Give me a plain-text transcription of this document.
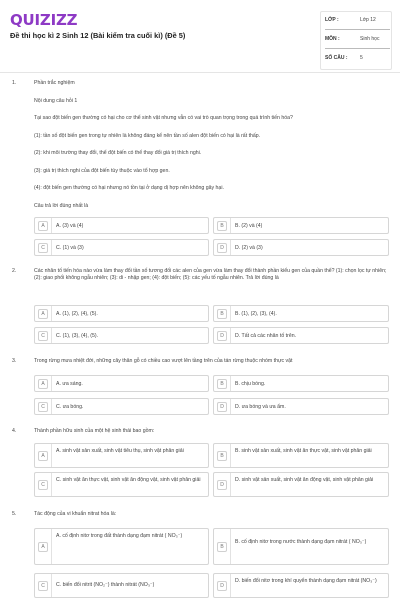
QUIZIZZ
Đề thi học kì 2 Sinh 12 (Bài kiểm tra cuối kì) (Đề 5)
LỚP :	Lớp 12
MÔN :	Sinh học
SỐ CÂU :	5
1.	Phần trắc nghiệm
Nội dung câu hỏi 1
Tại sao đột biến gen thường có hại cho cơ thể sinh vật nhưng vẫn có vai trò quan trọng trong quá trình tiến hóa?
(1): tần số đột biến gen trong tự nhiên là không đáng kể nên tần số alen đột biến có hại là rất thấp.
(2): khi môi trường thay đổi, thể đột biến có thể thay đổi giá trị thích nghi.
(3): giá trị thích nghi của đột biến tùy thuộc vào tổ hợp gen.
(4): đột biến gen thường có hại nhưng nó tồn tại ở dạng dị hợp nên không gây hại.
Câu trả lời đúng nhất là
A	A. (3) và (4)	B	B. (2) và (4)
C	C. (1) và (3)	D	D. (2) và (3)
2.	Các nhân tố tiến hóa nào vừa làm thay đổi tần số tương đối các alen của gen vừa làm thay đổi thành phần kiểu gen của quần thể? (1): chọn lọc tự nhiên; (2): giao phối không ngẫu nhiên; (3): di - nhập gen; (4): đột biến; (5): các yếu tố ngẫu nhiên. Trả lời đúng là
A	A. (1), (2), (4), (5).	B	B. (1), (2), (3), (4).
C	C. (1), (3), (4), (5).	D	D. Tất cả các nhân tố trên.
3.	Trong rừng mưa nhiệt đới, những cây thân gỗ có chiều cao vượt lên tầng trên của tán rừng thuộc nhóm thực vật
A	A. ưa sáng.	B	B. chịu bóng.
C	C. ưa bóng.	D	D. ưa bóng và ưa ẩm.
4.	Thành phần hữu sinh của một hệ sinh thái bao gồm:
A
A. sinh vật sản xuất, sinh vật tiêu thụ, sinh vật phân giải
B
B. sinh vật sản xuất, sinh vật ăn thực vật, sinh vật phân giải
C
C. sinh vật ăn thực vật, sinh vật ăn động vật, sinh vật phân giải
D
D. sinh vật sản xuất, sinh vật ăn động vật, sinh vật phân giải
5.	Tác động của vi khuẩn nitrat hóa là:
A
A. cố định nitơ trong đất thành dạng đạm nitrát ( NO₃⁻)
B
B. cố định nitơ trong nước thành dạng đạm nitrát ( NO₃⁻)
C	C. biến đổi nitrit (NO₂⁻) thành nitrát (NO₃⁻)	D
D. biến đổi nitơ trong khí quyển thành dạng đạm nitrát (NO₃⁻)
